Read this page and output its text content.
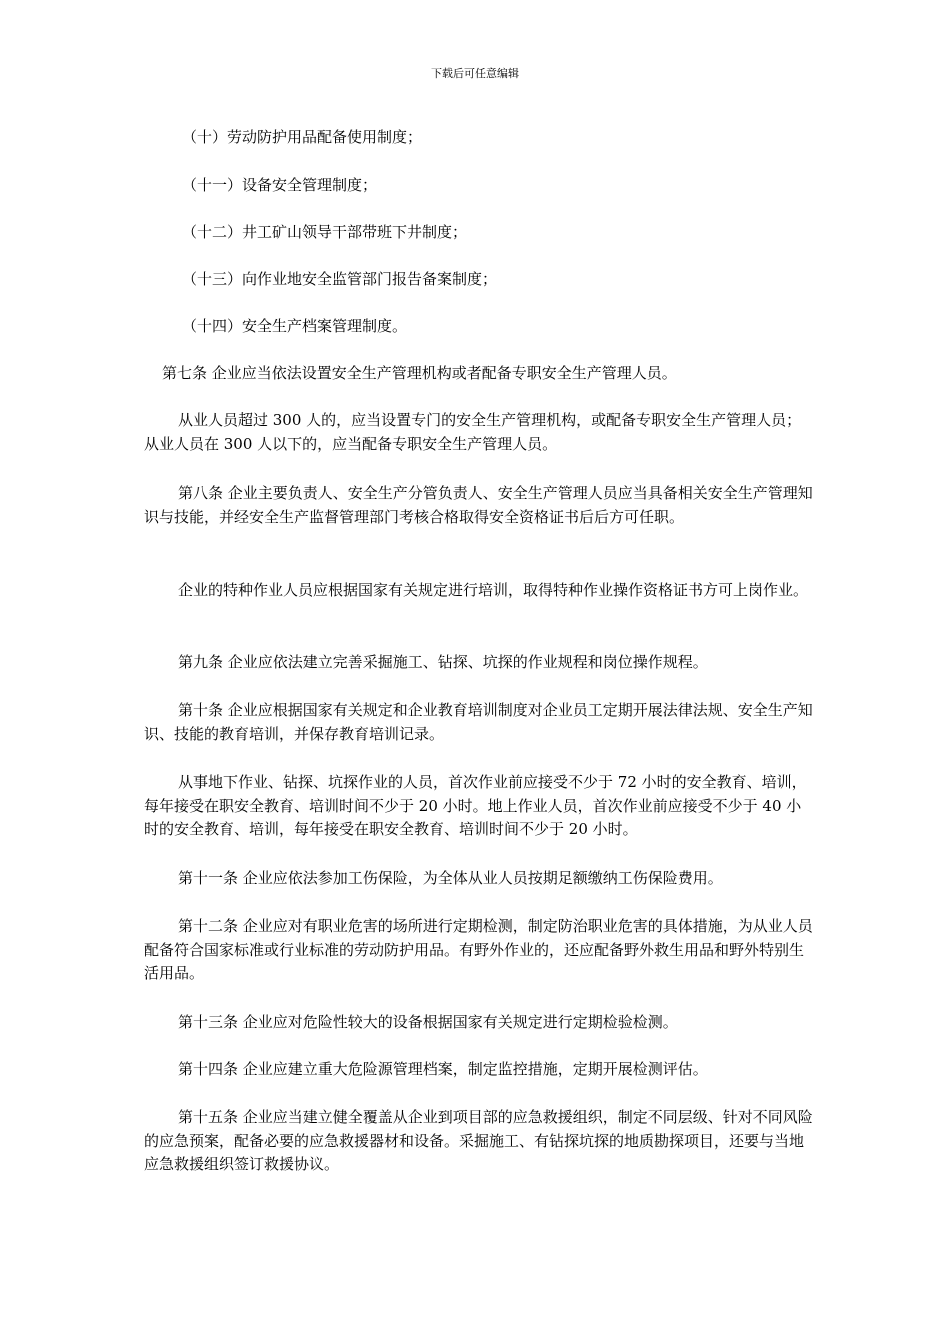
下载后可任意编辑
（十）劳动防护用品配备使用制度；
（十一）设备安全管理制度；
（十二）井工矿山领导干部带班下井制度；
（十三）向作业地安全监管部门报告备案制度；
（十四）安全生产档案管理制度。
第七条 企业应当依法设置安全生产管理机构或者配备专职安全生产管理人员。
从业人员超过 300 人的，应当设置专门的安全生产管理机构，或配备专职安全生产管理人员；从业人员在 300 人以下的，应当配备专职安全生产管理人员。
第八条 企业主要负责人、安全生产分管负责人、安全生产管理人员应当具备相关安全生产管理知识与技能，并经安全生产监督管理部门考核合格取得安全资格证书后后方可任职。
企业的特种作业人员应根据国家有关规定进行培训，取得特种作业操作资格证书方可上岗作业。
第九条 企业应依法建立完善采掘施工、钻探、坑探的作业规程和岗位操作规程。
第十条 企业应根据国家有关规定和企业教育培训制度对企业员工定期开展法律法规、安全生产知识、技能的教育培训，并保存教育培训记录。
从事地下作业、钻探、坑探作业的人员，首次作业前应接受不少于 72 小时的安全教育、培训，每年接受在职安全教育、培训时间不少于 20 小时。地上作业人员，首次作业前应接受不少于 40 小时的安全教育、培训，每年接受在职安全教育、培训时间不少于 20 小时。
第十一条 企业应依法参加工伤保险，为全体从业人员按期足额缴纳工伤保险费用。
第十二条 企业应对有职业危害的场所进行定期检测，制定防治职业危害的具体措施，为从业人员配备符合国家标准或行业标准的劳动防护用品。有野外作业的，还应配备野外救生用品和野外特别生活用品。
第十三条 企业应对危险性较大的设备根据国家有关规定进行定期检验检测。
第十四条 企业应建立重大危险源管理档案，制定监控措施，定期开展检测评估。
第十五条 企业应当建立健全覆盖从企业到项目部的应急救援组织，制定不同层级、针对不同风险的应急预案，配备必要的应急救援器材和设备。采掘施工、有钻探坑探的地质勘探项目，还要与当地应急救援组织签订救援协议。
